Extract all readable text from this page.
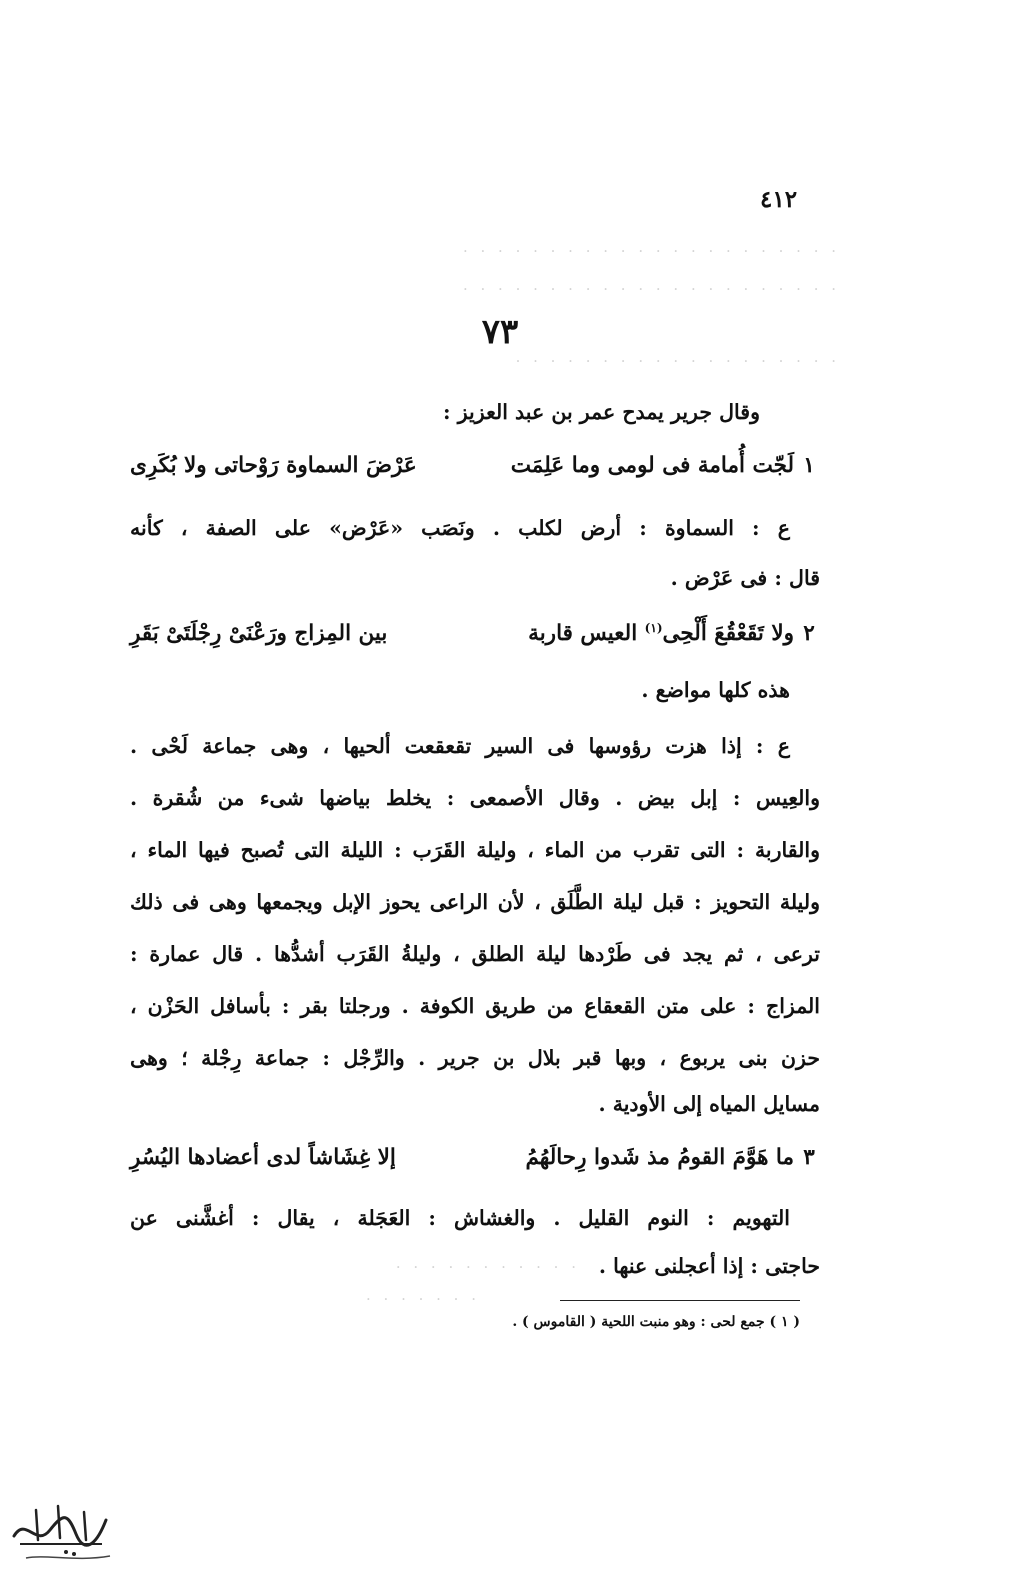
٤١٢
· · · · · · · · · · · · · · · · · · · · · ·
· · · · · · · · · · · · · · · · · · · · · ·
· · · · · · · · · · · · · · · · · · ·
٧٣
وقال جرير يمدح عمر بن عبد العزيز :
١
لَجّت أُمامة فى لومى وما عَلِمَت
عَرْضَ السماوة رَوْحاتى ولا بُكَرِى
ع : السماوة : أرض لكلب . ونَصَب «عَرْض» على الصفة ، كأنه
قال : فى عَرْض .
٢
ولا تَقَعْقُعَ أَلْحِى$^{(١)}$ العيس قاربة
بين المِزاج ورَعْنَىْ رِجْلَتَىْ بَقَرِ
هذه كلها مواضع .
ع : إذا هزت رؤوسها فى السير تقعقعت ألحيها ، وهى جماعة لَحْى .
والعِيس : إبل بيض . وقال الأصمعى : يخلط بياضها شىء من شُقرة .
والقاربة : التى تقرب من الماء ، وليلة القَرَب : الليلة التى تُصبح فيها الماء ،
وليلة التحويز : قبل ليلة الطَّلَق ، لأن الراعى يحوز الإبل ويجمعها وهى فى ذلك
ترعى ، ثم يجد فى طَرْدها ليلة الطلق ، وليلةُ القَرَب أشدُّها . قال عمارة :
المزاج : على متن القعقاع من طريق الكوفة . ورجلتا بقر : بأسافل الحَزْن ،
حزن بنى يربوع ، وبها قبر بلال بن جرير . والرِّجْل : جماعة رِجْلة ؛ وهى
مسايل المياه إلى الأودية .
٣
ما هَوَّمَ القومُ مذ شَدوا رِحالَهُمُ
إلا غِشَاشاً لدى أعضادها اليُسُرِ
التهويم : النوم القليل . والغشاش : العَجَلة ، يقال : أغشَّنى عن
حاجتى : إذا أعجلنى عنها .
· · · · · · · · · · ·
· · · · · · ·
( ١ ) جمع لحى : وهو منبت اللحية ( القاموس ) .
